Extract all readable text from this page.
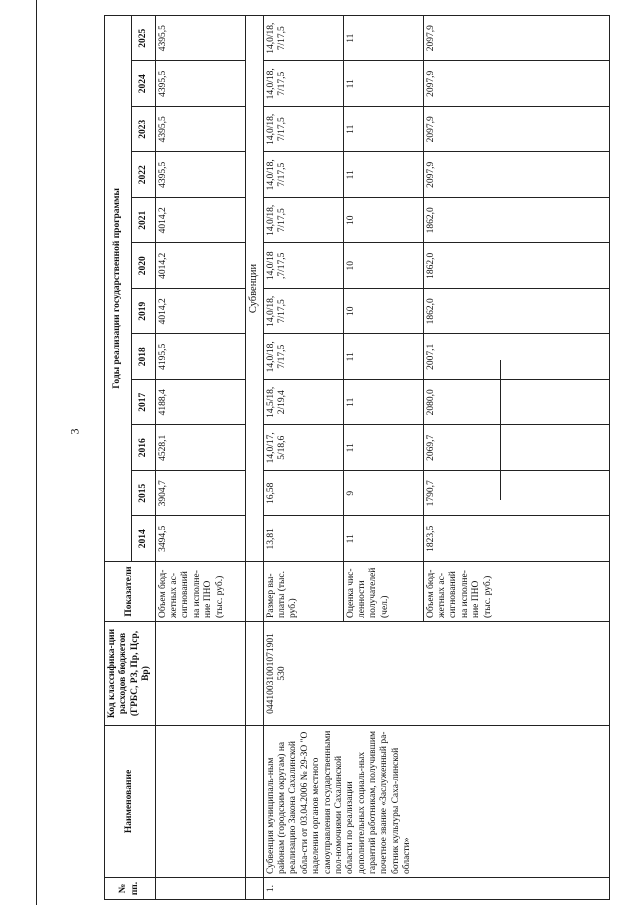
3
№ пп.	Наименование	Код классифика-ции расходов бюджетов (ГРБС, РЗ, Пр, Цср, Вр)	Показатели	Годы реализации государственной программы											
				2014	2015	2016	2017	2018	2019	2020	2021	2022	2023	2024	2025
			Объем бюд-жетных ас-сигнований на исполне-ние ПНО (тыс. руб.)	3494,5	3904,7	4528,1	4188,4	4195,5	4014,2	4014,2	4014,2	4395,5	4395,5	4395,5	4395,5
				Субвенции											
1.	Субвенция муниципаль-ным районам (городским округам) на реализацию Закона Сахалинской обла-сти от 03.04.2006 № 29-ЗО "О наделении органов местного самоуправления государственными пол-номочиями Сахалинской области по реализации дополнительных социаль-ных гарантий работникам, получившим почетное звание «Заслуженный ра-ботник культуры Саха-линской области»	04410031001071901 530	Размер вы-платы (тыс. руб.)	13,81	16,58	14,0/17, 5/18,6	14,5/18, 2/19,4	14,0/18, 7/17,5	14,0/18, 7/17,5	14,0/18 ,7/17,5	14,0/18, 7/17,5	14,0/18, 7/17,5	14,0/18, 7/17,5	14,0/18, 7/17,5	14,0/18, 7/17,5
			Оценка чис-ленности получателей (чел.)	11	9	11	11	11	10	10	10	11	11	11	11
			Объем бюд-жетных ас-сигнований на исполне-ние ПНО (тыс. руб.)	1823,5	1790,7	2069,7	2080,0	2007,1	1862,0	1862,0	1862,0	2097,9	2097,9	2097,9	2097,9
